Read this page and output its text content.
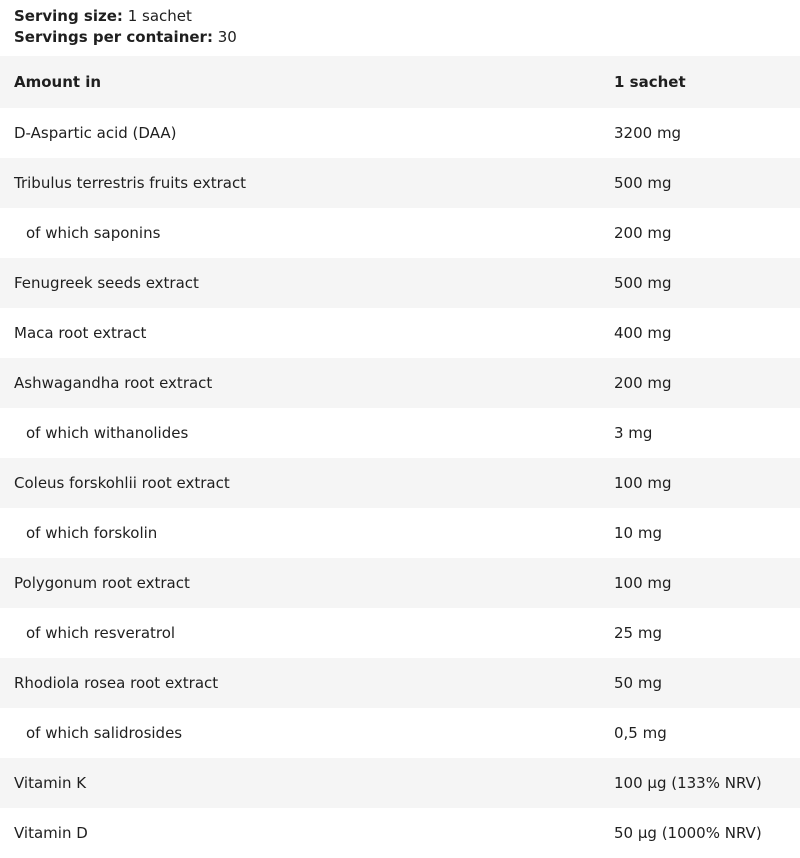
Serving size: 1 sachet
Servings per container: 30
Amount in	1 sachet
D-Aspartic acid (DAA)	3200 mg
Tribulus terrestris fruits extract	500 mg
of which saponins	200 mg
Fenugreek seeds extract	500 mg
Maca root extract	400 mg
Ashwagandha root extract	200 mg
of which withanolides	3 mg
Coleus forskohlii root extract	100 mg
of which forskolin	10 mg
Polygonum root extract	100 mg
of which resveratrol	25 mg
Rhodiola rosea root extract	50 mg
of which salidrosides	0,5 mg
Vitamin K	100 µg (133% NRV)
Vitamin D	50 µg (1000% NRV)
